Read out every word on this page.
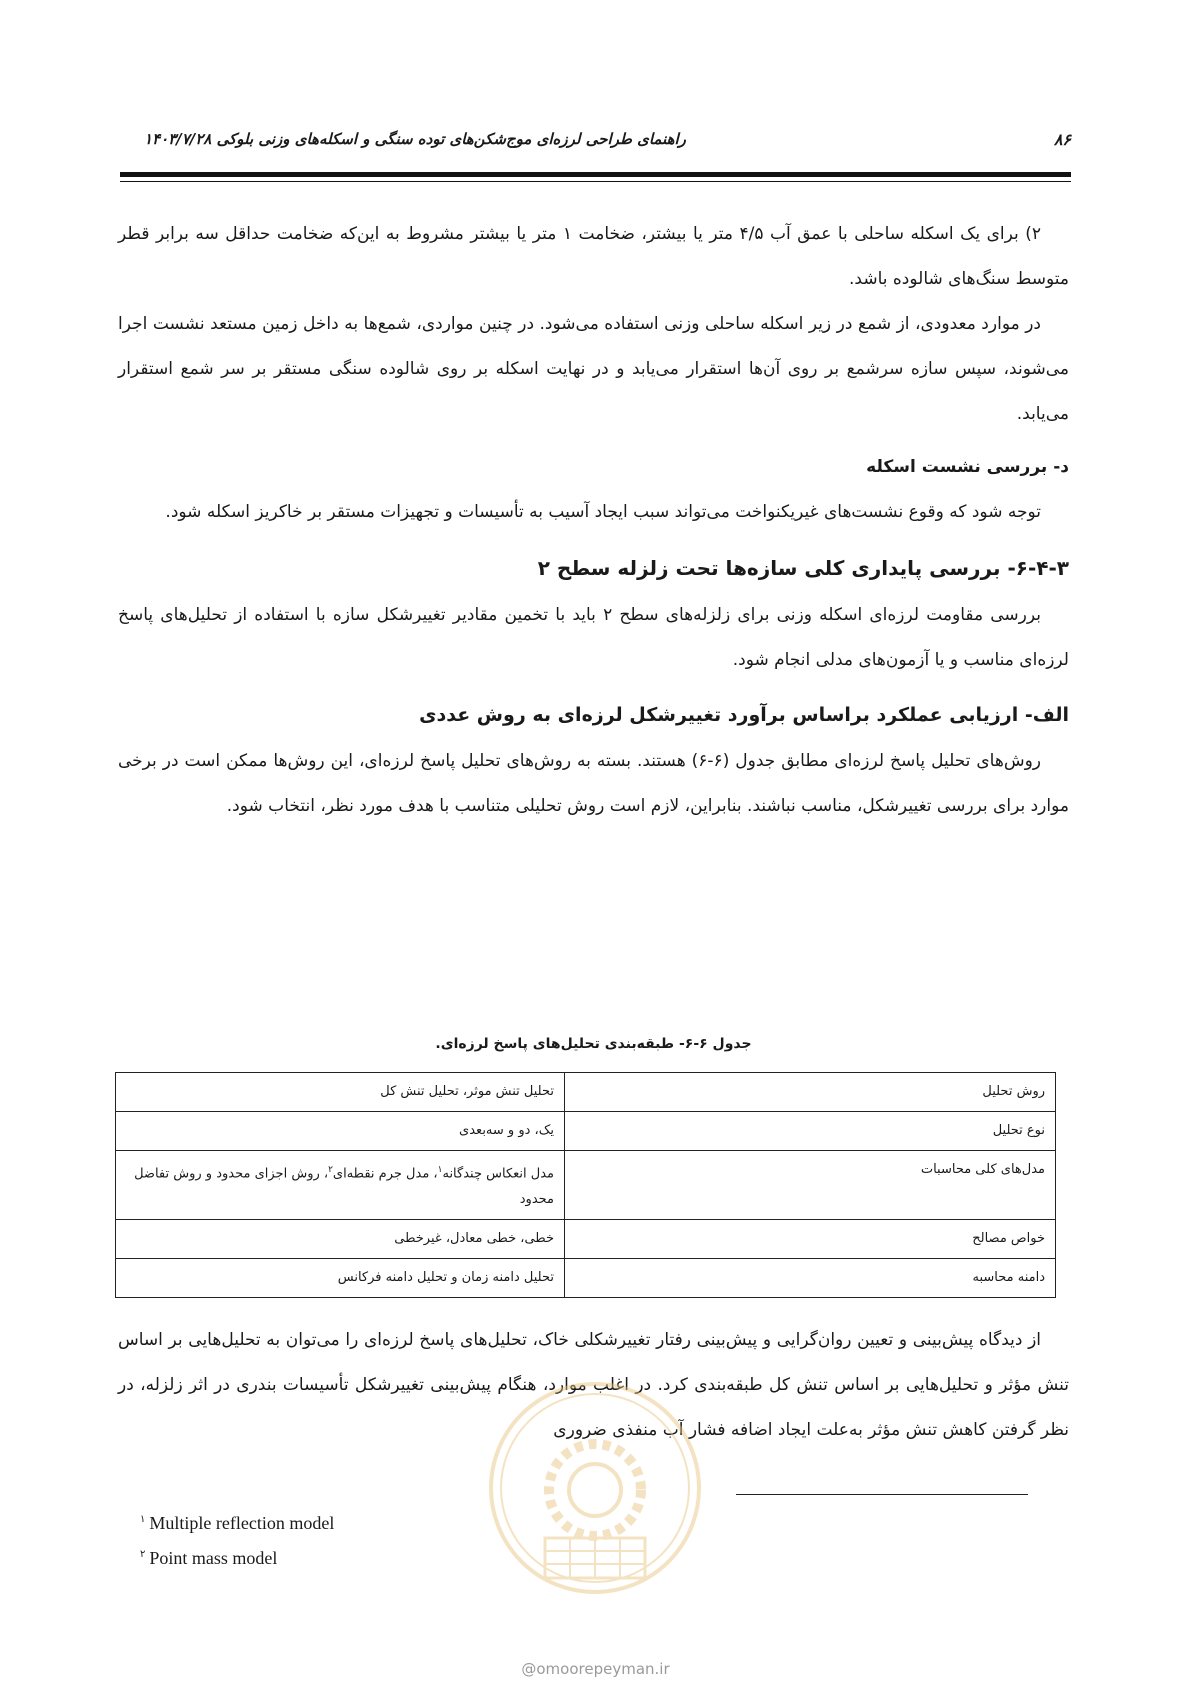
۸۶
راهنمای طراحی لرزه‌ای موج‌شکن‌های توده سنگی و اسکله‌های وزنی بلوکی ۱۴۰۳/۷/۲۸

۲) برای یک اسکله ساحلی با عمق آب ۴/۵ متر یا بیشتر، ضخامت ۱ متر یا بیشتر مشروط به این‌که ضخامت حداقل سه برابر قطر متوسط سنگ‌های شالوده باشد.

در موارد معدودی، از شمع در زیر اسکله ساحلی وزنی استفاده می‌شود. در چنین مواردی، شمع‌ها به داخل زمین مستعد نشست اجرا می‌شوند، سپس سازه سرشمع بر روی آن‌ها استقرار می‌یابد و در نهایت اسکله بر روی شالوده سنگی مستقر بر سر شمع استقرار می‌یابد.

د- بررسی نشست اسکله

توجه شود که وقوع نشست‌های غیریکنواخت می‌تواند سبب ایجاد آسیب به تأسیسات و تجهیزات مستقر بر خاکریز اسکله شود.

۶-۴-۳- بررسی پایداری کلی سازه‌ها تحت زلزله سطح ۲

بررسی مقاومت لرزه‌ای اسکله وزنی برای زلزله‌های سطح ۲ باید با تخمین مقادیر تغییرشکل سازه با استفاده از تحلیل‌های پاسخ لرزه‌ای مناسب و یا آزمون‌های مدلی انجام شود.

الف- ارزیابی عملکرد براساس برآورد تغییرشکل لرزه‌ای به روش عددی

روش‌های تحلیل پاسخ لرزه‌ای مطابق جدول (۶-۶) هستند. بسته به روش‌های تحلیل پاسخ لرزه‌ای، این روش‌ها ممکن است در برخی موارد برای بررسی تغییرشکل، مناسب نباشند. بنابراین، لازم است روش تحلیلی متناسب با هدف مورد نظر، انتخاب شود.

جدول ۶-۶- طبقه‌بندی تحلیل‌های پاسخ لرزه‌ای.
روش تحلیل	تحلیل تنش موثر، تحلیل تنش کل
نوع تحلیل	یک، دو و سه‌بعدی
مدل‌های کلی محاسبات	مدل انعکاس چندگانه$^۱$، مدل جرم نقطه‌ای$^۲$، روش اجزای محدود و روش تفاضل محدود
خواص مصالح	خطی، خطی معادل، غیرخطی
دامنه محاسبه	تحلیل دامنه زمان و تحلیل دامنه فرکانس

از دیدگاه پیش‌بینی و تعیین روان‌گرایی و پیش‌بینی رفتار تغییرشکلی خاک، تحلیل‌های پاسخ لرزه‌ای را می‌توان به تحلیل‌هایی بر اساس تنش مؤثر و تحلیل‌هایی بر اساس تنش کل طبقه‌بندی کرد. در اغلب موارد، هنگام پیش‌بینی تغییرشکل تأسیسات بندری در اثر زلزله، در نظر گرفتن کاهش تنش مؤثر به‌علت ایجاد اضافه فشار آب منفذی ضروری

$^۱$ Multiple reflection model
$^۲$ Point mass model
@omoorepeyman.ir
